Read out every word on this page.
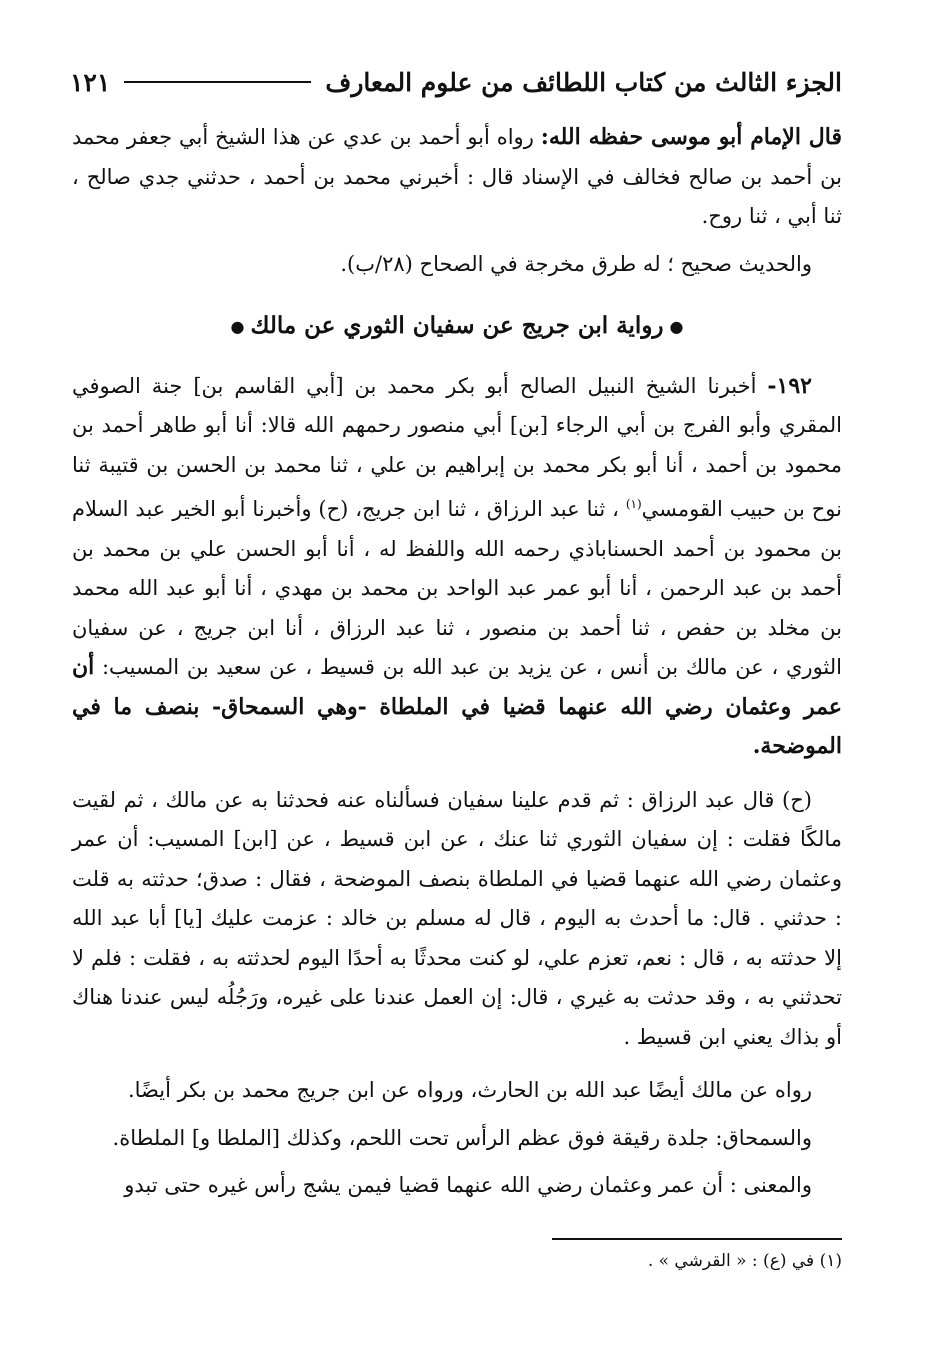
الجزء الثالث من كتاب اللطائف من علوم المعارف
١٢١

قال الإمام أبو موسى حفظه الله: رواه أبو أحمد بن عدي عن هذا الشيخ أبي جعفر محمد بن أحمد بن صالح فخالف في الإسناد قال : أخبرني محمد بن أحمد ، حدثني جدي صالح ، ثنا أبي ، ثنا روح.

والحديث صحيح ؛ له طرق مخرجة في الصحاح (٢٨/ب).

●رواية ابن جريج عن سفيان الثوري عن مالك●

١٩٢- أخبرنا الشيخ النبيل الصالح أبو بكر محمد بن [أبي القاسم بن] جنة الصوفي المقري وأبو الفرج بن أبي الرجاء [بن] أبي منصور رحمهم الله قالا: أنا أبو طاهر أحمد بن محمود بن أحمد ، أنا أبو بكر محمد بن إبراهيم بن علي ، ثنا محمد بن الحسن بن قتيبة ثنا نوح بن حبيب القومسي$^{(١)}$ ، ثنا عبد الرزاق ، ثنا ابن جريج، (ح) وأخبرنا أبو الخير عبد السلام بن محمود بن أحمد الحسناباذي رحمه الله واللفظ له ، أنا أبو الحسن علي بن محمد بن أحمد بن عبد الرحمن ، أنا أبو عمر عبد الواحد بن محمد بن مهدي ، أنا أبو عبد الله محمد بن مخلد بن حفص ، ثنا أحمد بن منصور ، ثنا عبد الرزاق ، أنا ابن جريج ، عن سفيان الثوري ، عن مالك بن أنس ، عن يزيد بن عبد الله بن قسيط ، عن سعيد بن المسيب: أن عمر وعثمان رضي الله عنهما قضيا في الملطاة -وهي السمحاق- بنصف ما في الموضحة.

(ح) قال عبد الرزاق : ثم قدم علينا سفيان فسألناه عنه فحدثنا به عن مالك ، ثم لقيت مالكًا فقلت : إن سفيان الثوري ثنا عنك ، عن ابن قسيط ، عن [ابن] المسيب: أن عمر وعثمان رضي الله عنهما قضيا في الملطاة بنصف الموضحة ، فقال : صدق؛ حدثته به قلت : حدثني . قال: ما أحدث به اليوم ، قال له مسلم بن خالد : عزمت عليك [يا] أبا عبد الله إلا حدثته به ، قال : نعم، تعزم علي، لو كنت محدثًا به أحدًا اليوم لحدثته به ، فقلت : فلم لا تحدثني به ، وقد حدثت به غيري ، قال: إن العمل عندنا على غيره، ورَجُلُه ليس عندنا هناك أو بذاك يعني ابن قسيط .

رواه عن مالك أيضًا عبد الله بن الحارث، ورواه عن ابن جريج محمد بن بكر أيضًا.

والسمحاق: جلدة رقيقة فوق عظم الرأس تحت اللحم، وكذلك [الملطا و] الملطاة.

والمعنى : أن عمر وعثمان رضي الله عنهما قضيا فيمن يشج رأس غيره حتى تبدو

(١) في (ع) : « القرشي » .
